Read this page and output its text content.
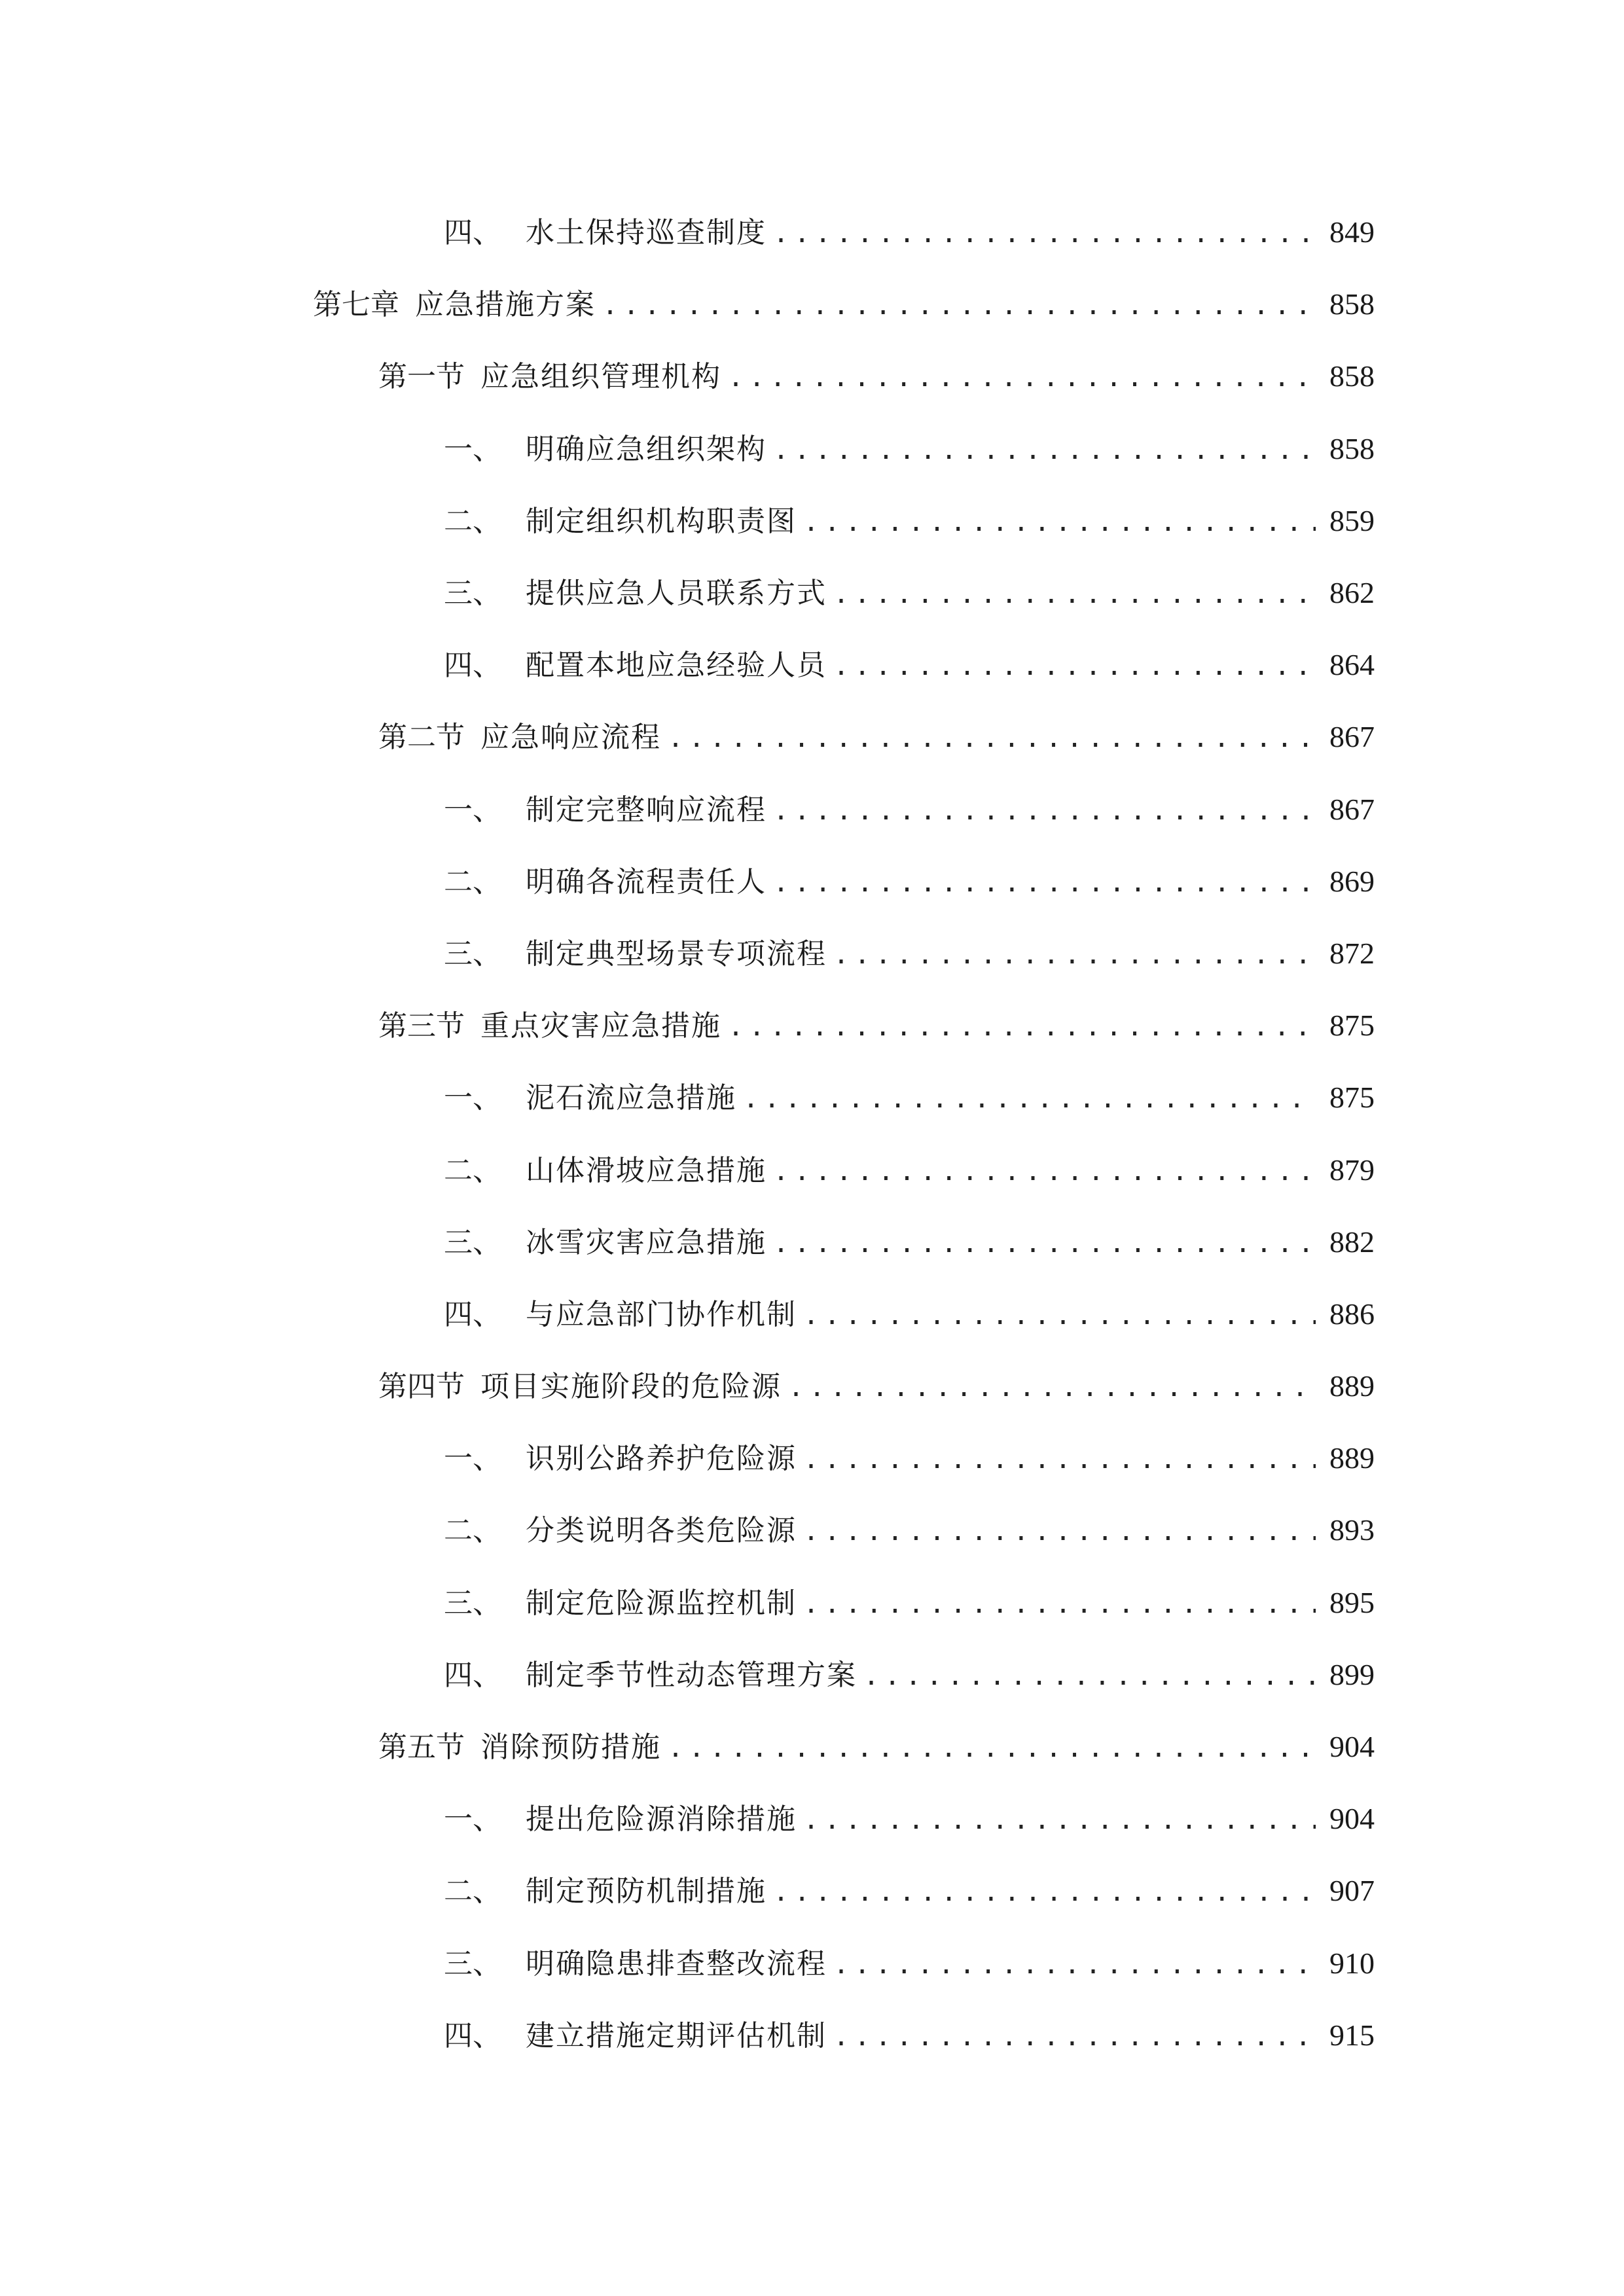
四、 水土保持巡查制度 .....	849
第七章 应急措施方案 .....	858
第一节 应急组织管理机构 .....	858
一、 明确应急组织架构 .....	858
二、 制定组织机构职责图 .....	859
三、 提供应急人员联系方式 .....	862
四、 配置本地应急经验人员 .....	864
第二节 应急响应流程 .....	867
一、 制定完整响应流程 .....	867
二、 明确各流程责任人 .....	869
三、 制定典型场景专项流程 .....	872
第三节 重点灾害应急措施 .....	875
一、 泥石流应急措施 .....	875
二、 山体滑坡应急措施 .....	879
三、 冰雪灾害应急措施 .....	882
四、 与应急部门协作机制 .....	886
第四节 项目实施阶段的危险源 .....	889
一、 识别公路养护危险源 .....	889
二、 分类说明各类危险源 .....	893
三、 制定危险源监控机制 .....	895
四、 制定季节性动态管理方案 .....	899
第五节 消除预防措施 .....	904
一、 提出危险源消除措施 .....	904
二、 制定预防机制措施 .....	907
三、 明确隐患排查整改流程 .....	910
四、 建立措施定期评估机制 .....	915
